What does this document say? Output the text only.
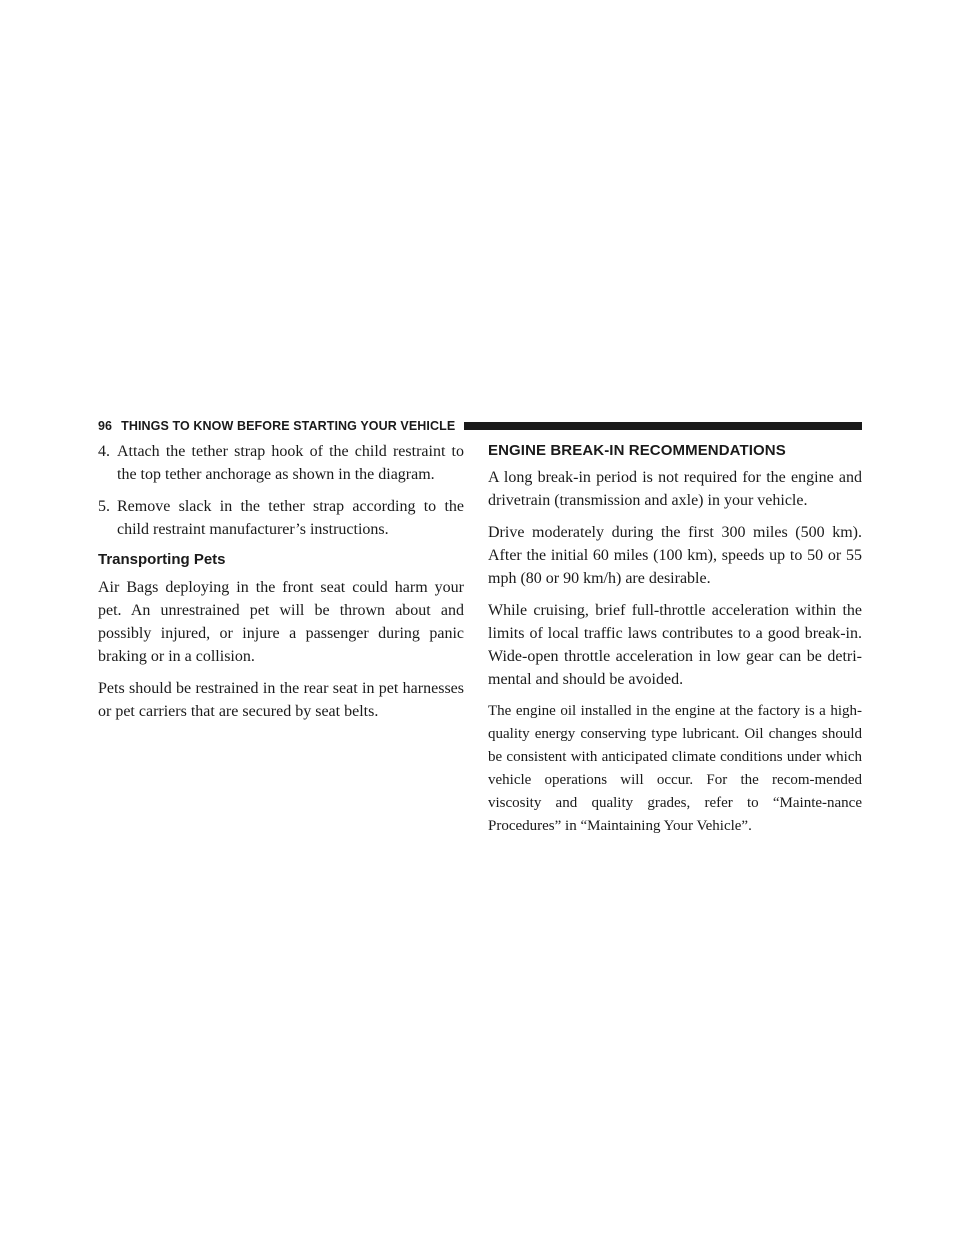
96 THINGS TO KNOW BEFORE STARTING YOUR VEHICLE
4. Attach the tether strap hook of the child restraint to the top tether anchorage as shown in the diagram.
5. Remove slack in the tether strap according to the child restraint manufacturer’s instructions.
Transporting Pets

Air Bags deploying in the front seat could harm your pet. An unrestrained pet will be thrown about and possibly injured, or injure a passenger during panic braking or in a collision.

Pets should be restrained in the rear seat in pet harnesses or pet carriers that are secured by seat belts.

ENGINE BREAK-IN RECOMMENDATIONS

A long break-in period is not required for the engine and drivetrain (transmission and axle) in your vehicle.

Drive moderately during the first 300 miles (500 km). After the initial 60 miles (100 km), speeds up to 50 or 55 mph (80 or 90 km/h) are desirable.

While cruising, brief full-throttle acceleration within the limits of local traffic laws contributes to a good break-in. Wide-open throttle acceleration in low gear can be detri-mental and should be avoided.

The engine oil installed in the engine at the factory is a high-quality energy conserving type lubricant. Oil changes should be consistent with anticipated climate conditions under which vehicle operations will occur. For the recom-mended viscosity and quality grades, refer to “Mainte-nance Procedures” in “Maintaining Your Vehicle”.
